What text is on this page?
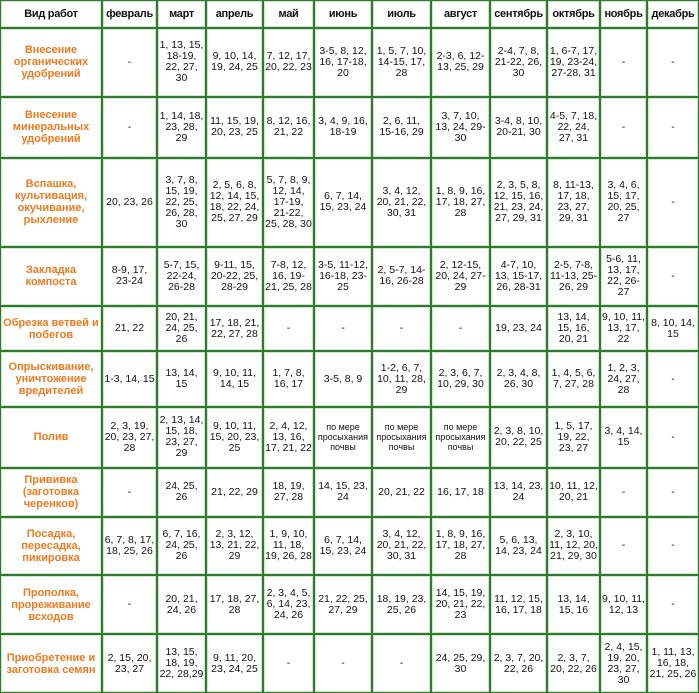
Вид работ	февраль	март	апрель	май	июнь	июль	август	сентябрь	октябрь	ноябрь	декабрь
Внесение органических удобрений	-	1, 13, 15, 18-19, 22, 27, 30	9, 10, 14, 19, 24, 25	7, 12, 17, 20, 22, 23	3-5, 8, 12, 16, 17-18, 20	1, 5, 7, 10, 14-15, 17, 28	2-3, 6, 12-13, 25, 29	2-4, 7, 8, 21-22, 26, 30	1, 6-7, 17, 19, 23-24, 27-28, 31	-	-
Внесение минеральных удобрений	-	1, 14, 18, 23, 28, 29	11, 15, 19, 20, 23, 25	8, 12, 16, 21, 22	3, 4, 9, 16, 18-19	2, 6, 11, 15-16, 29	3, 7, 10, 13, 24, 29-30	3-4, 8, 10, 20-21, 30	4-5, 7, 18, 22, 24, 27, 31	-	-
Вспашка, культивация, окучивание, рыхление	20, 23, 26	3, 7, 8, 15, 19, 22, 25, 26, 28, 30	2, 5, 6, 8, 12, 14, 15, 18, 22, 24, 25, 27, 29	5, 7, 8, 9, 12, 14, 17-19, 21-22, 25, 28, 30	6, 7, 14, 15, 23, 24	3, 4, 12, 20, 21, 22, 30, 31	1, 8, 9, 16, 17, 18, 27, 28	2, 3, 5, 8, 12, 15, 16, 21, 23, 24, 27, 29, 31	8, 11-13, 17, 18, 23, 27, 29, 31	3, 4, 6, 15, 17, 20, 25, 27	-
Закладка компоста	8-9, 17, 23-24	5-7, 15, 22-24, 26-28	9-11, 15, 20-22, 25, 28-29	7-8, 12, 16, 19-21, 25, 28	3-5, 11-12, 16-18, 23-25	2, 5-7, 14-16, 26-28	2, 12-15, 20, 24, 27-29	4-7, 10, 13, 15-17, 26, 28-31	2-5, 7-8, 11-13, 25-26, 29	5-6, 11, 13, 17, 22, 26-27	-
Обрезка ветвей и побегов	21, 22	20, 21, 24, 25, 26	17, 18, 21, 22, 27, 28	-	-	-	-	19, 23, 24	13, 14, 15, 16, 20, 21	9, 10, 11, 13, 17, 22	8, 10, 14, 15
Опрыскивание, уничтожение вредителей	1-3, 14, 15	13, 14, 15	9, 10, 11, 14, 15	1, 7, 8, 16, 17	3-5, 8, 9	1-2, 6, 7, 10, 11, 28, 29	2, 3, 6, 7, 10, 29, 30	2, 3, 4, 8, 26, 30	1, 4, 5, 6, 7, 27, 28	1, 2, 3, 24, 27, 28	-
Полив	2, 3, 19, 20, 23, 27, 28	2, 13, 14, 15, 18, 23, 27, 29	9, 10, 11, 15, 20, 23, 25	2, 4, 12, 13, 16, 17, 21, 22	по мере просыхания почвы	по мере просыхания почвы	по мере просыхания почвы	2, 3, 8, 10, 20, 22, 25	1, 5, 17, 19, 22, 23, 27	3, 4, 14, 15	-
Прививка (заготовка черенков)	-	24, 25, 26	21, 22, 29	18, 19, 27, 28	14, 15, 23, 24	20, 21, 22	16, 17, 18	13, 14, 23, 24	10, 11, 12, 20, 21	-	-
Посадка, пересадка, пикировка	6, 7, 8, 17, 18, 25, 26	6, 7, 16, 24, 25, 26	2, 3, 12, 13, 21, 22, 29	1, 9, 10, 11, 18, 19, 26, 28	6, 7, 14, 15, 23, 24	3, 4, 12, 20, 21, 22, 30, 31	1, 8, 9, 16, 17, 18, 27, 28	5, 6, 13, 14, 23, 24	2, 3, 10, 11, 12, 20, 21, 29, 30	-	-
Прополка, прореживание всходов	-	20, 21, 24, 26	17, 18, 27, 28	2, 3, 4, 5, 6, 14, 23, 24, 26	21, 22, 25, 27, 29	18, 19, 23, 25, 26	14, 15, 19, 20, 21, 22, 23	11, 12, 15, 16, 17, 18	13, 14, 15, 16	9, 10, 11, 12, 13	-
Приобретение и заготовка семян	2, 15, 20, 23, 27	13, 15, 18, 19, 22, 28,29	9, 11, 20, 23, 24, 25	-	-	-	24, 25, 29, 30	2, 3, 7, 20, 22, 26	2, 3, 7, 20, 22, 26	2, 4, 15, 19, 20, 23, 27, 30	1, 11, 13, 16, 18, 21, 25, 26
